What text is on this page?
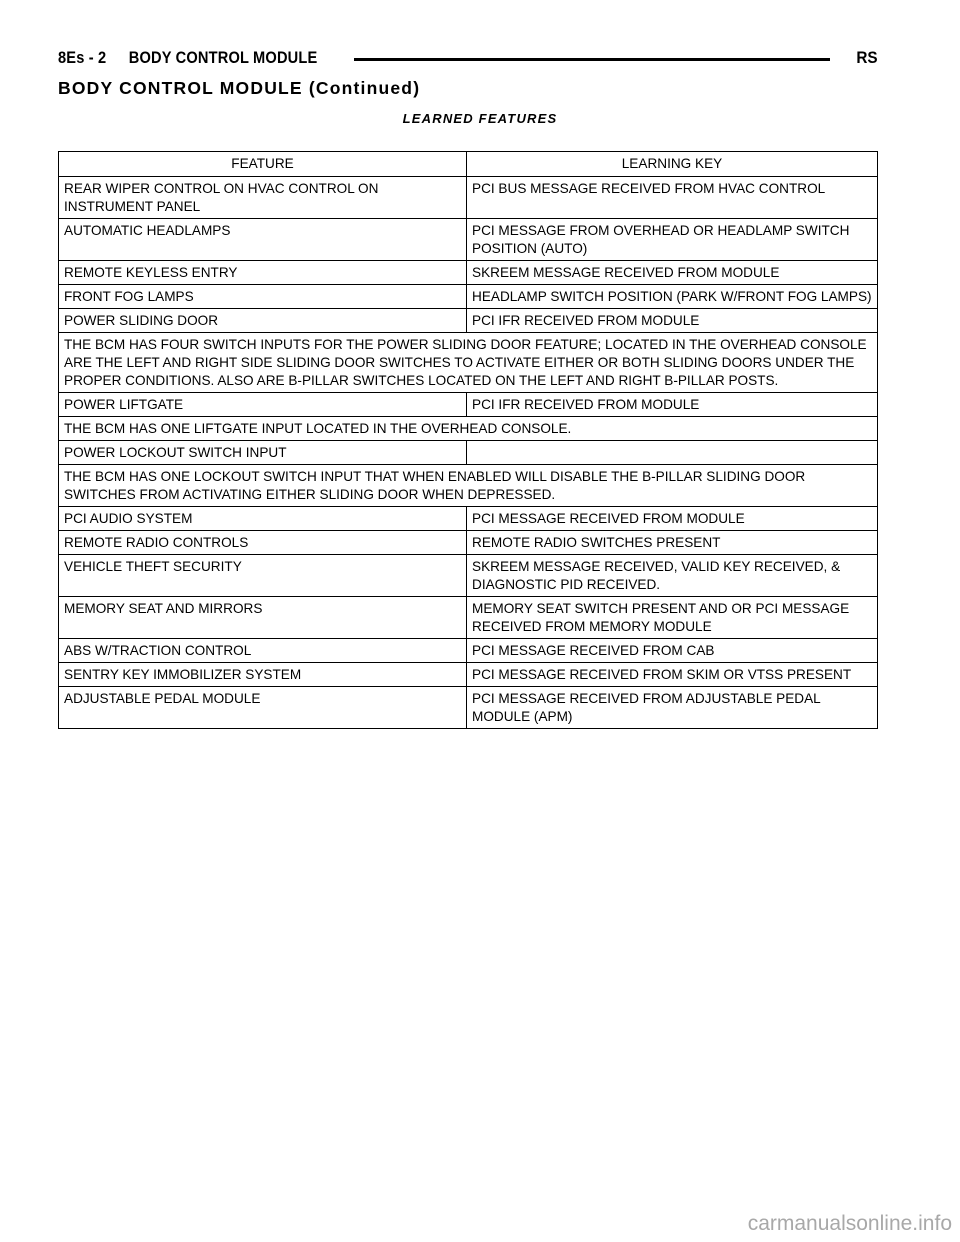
8Es - 2 BODY CONTROL MODULE	RS
BODY CONTROL MODULE (Continued)
LEARNED FEATURES
FEATURE	LEARNING KEY
REAR WIPER CONTROL ON HVAC CONTROL ON INSTRUMENT PANEL	PCI BUS MESSAGE RECEIVED FROM HVAC CONTROL
AUTOMATIC HEADLAMPS	PCI MESSAGE FROM OVERHEAD OR HEADLAMP SWITCH POSITION (AUTO)
REMOTE KEYLESS ENTRY	SKREEM MESSAGE RECEIVED FROM MODULE
FRONT FOG LAMPS	HEADLAMP SWITCH POSITION (PARK W/FRONT FOG LAMPS)
POWER SLIDING DOOR	PCI IFR RECEIVED FROM MODULE
THE BCM HAS FOUR SWITCH INPUTS FOR THE POWER SLIDING DOOR FEATURE; LOCATED IN THE OVERHEAD CONSOLE ARE THE LEFT AND RIGHT SIDE SLIDING DOOR SWITCHES TO ACTIVATE EITHER OR BOTH SLIDING DOORS UNDER THE PROPER CONDITIONS. ALSO ARE B-PILLAR SWITCHES LOCATED ON THE LEFT AND RIGHT B-PILLAR POSTS.	
POWER LIFTGATE	PCI IFR RECEIVED FROM MODULE
THE BCM HAS ONE LIFTGATE INPUT LOCATED IN THE OVERHEAD CONSOLE.	
POWER LOCKOUT SWITCH INPUT	
THE BCM HAS ONE LOCKOUT SWITCH INPUT THAT WHEN ENABLED WILL DISABLE THE B-PILLAR SLIDING DOOR SWITCHES FROM ACTIVATING EITHER SLIDING DOOR WHEN DEPRESSED.	
PCI AUDIO SYSTEM	PCI MESSAGE RECEIVED FROM MODULE
REMOTE RADIO CONTROLS	REMOTE RADIO SWITCHES PRESENT
VEHICLE THEFT SECURITY	SKREEM MESSAGE RECEIVED, VALID KEY RECEIVED, & DIAGNOSTIC PID RECEIVED.
MEMORY SEAT AND MIRRORS	MEMORY SEAT SWITCH PRESENT AND OR PCI MESSAGE RECEIVED FROM MEMORY MODULE
ABS W/TRACTION CONTROL	PCI MESSAGE RECEIVED FROM CAB
SENTRY KEY IMMOBILIZER SYSTEM	PCI MESSAGE RECEIVED FROM SKIM OR VTSS PRESENT
ADJUSTABLE PEDAL MODULE	PCI MESSAGE RECEIVED FROM ADJUSTABLE PEDAL MODULE (APM)
carmanualsonline.info
